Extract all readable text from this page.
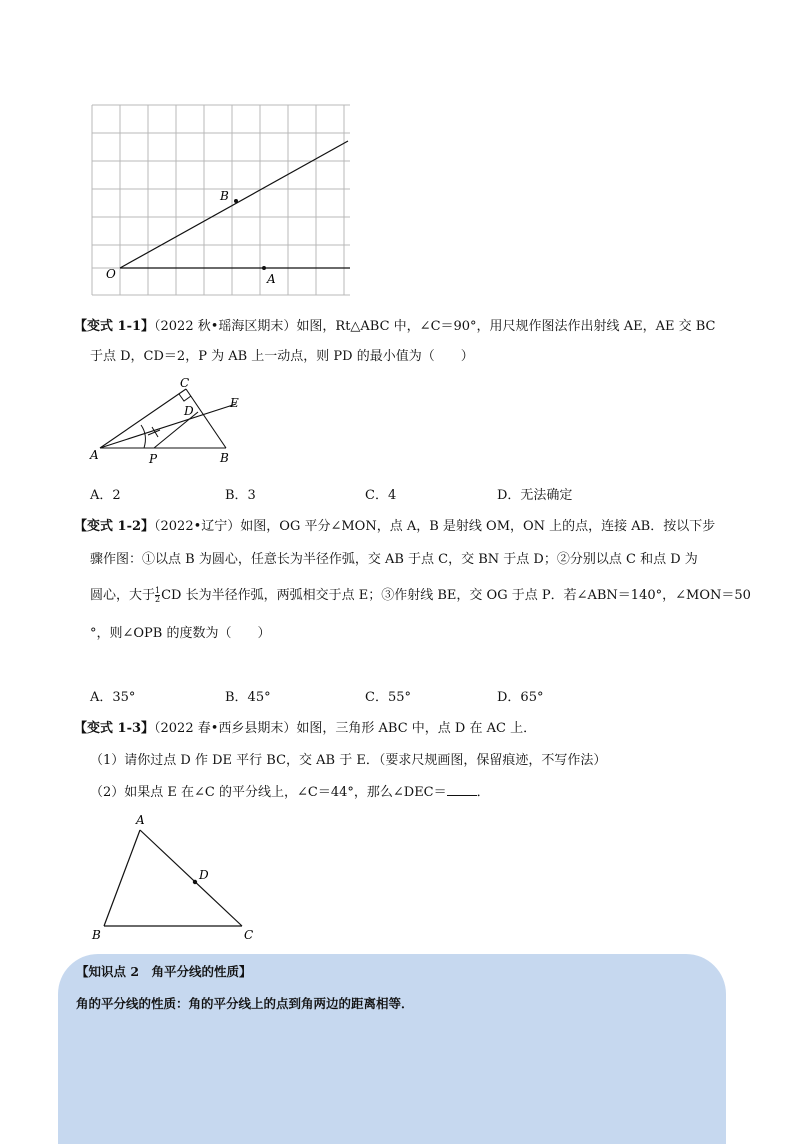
O
B
A
【变式 1-1】（2022 秋•瑶海区期末）如图，Rt△ABC 中，∠C＝90°，用尺规作图法作出射线 AE，AE 交 BC
于点 D，CD＝2，P 为 AB 上一动点，则 PD 的最小值为（　　）
A	B
C
D
E
P
A．2	B．3	C．4	D．无法确定
【变式 1-2】（2022•辽宁）如图，OG 平分∠MON，点 A，B 是射线 OM，ON 上的点，连接 AB．按以下步
骤作图：①以点 B 为圆心，任意长为半径作弧，交 AB 于点 C，交 BN 于点 D；②分别以点 C 和点 D 为
圆心，大于 $\frac{1}{2}$ CD 长为半径作弧，两弧相交于点 E；③作射线 BE，交 OG 于点 P．若∠ABN＝140°，∠MON＝50
°，则∠OPB 的度数为（　　）
A．35°	B．45°	C．55°	D．65°
【变式 1-3】（2022 春•西乡县期末）如图，三角形 ABC 中，点 D 在 AC 上．
（1）请你过点 D 作 DE 平行 BC，交 AB 于 E．（要求尺规画图，保留痕迹，不写作法）
（2）如果点 E 在∠C 的平分线上，∠C＝44°，那么∠DEC＝ ．
A
B	C
D
【知识点 2　角平分线的性质】
角的平分线的性质：角的平分线上的点到角两边的距离相等．
